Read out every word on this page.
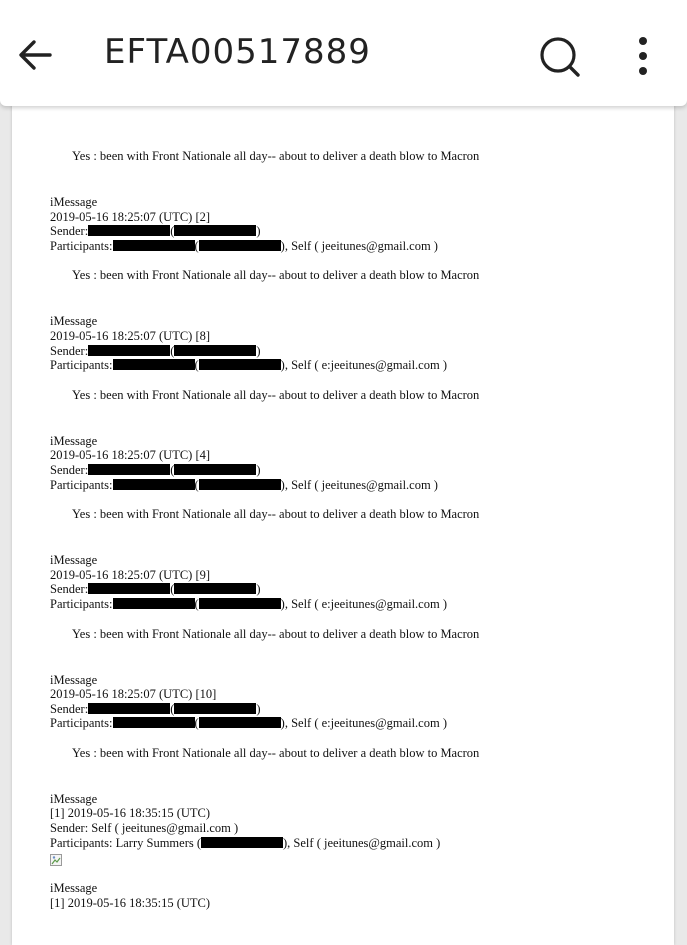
EFTA00517889
Yes : been with Front Nationale all day-- about to deliver a death blow to Macron
iMessage
2019-05-16 18:25:07 (UTC) [2]
Sender:	(	)
Participants:	(	), Self ( jeeitunes@gmail.com )
Yes : been with Front Nationale all day-- about to deliver a death blow to Macron
iMessage
2019-05-16 18:25:07 (UTC) [8]
Sender:	(	)
Participants:	(	), Self ( e:jeeitunes@gmail.com )
Yes : been with Front Nationale all day-- about to deliver a death blow to Macron
iMessage
2019-05-16 18:25:07 (UTC) [4]
Sender:	(	)
Participants:	(	), Self ( jeeitunes@gmail.com )
Yes : been with Front Nationale all day-- about to deliver a death blow to Macron
iMessage
2019-05-16 18:25:07 (UTC) [9]
Sender:	(	)
Participants:	(	), Self ( e:jeeitunes@gmail.com )
Yes : been with Front Nationale all day-- about to deliver a death blow to Macron
iMessage
2019-05-16 18:25:07 (UTC) [10]
Sender:	(	)
Participants:	(	), Self ( e:jeeitunes@gmail.com )
Yes : been with Front Nationale all day-- about to deliver a death blow to Macron
iMessage
[1] 2019-05-16 18:35:15 (UTC)
Sender: Self ( jeeitunes@gmail.com )
Participants: Larry Summers (	), Self ( jeeitunes@gmail.com )
iMessage
[1] 2019-05-16 18:35:15 (UTC)
